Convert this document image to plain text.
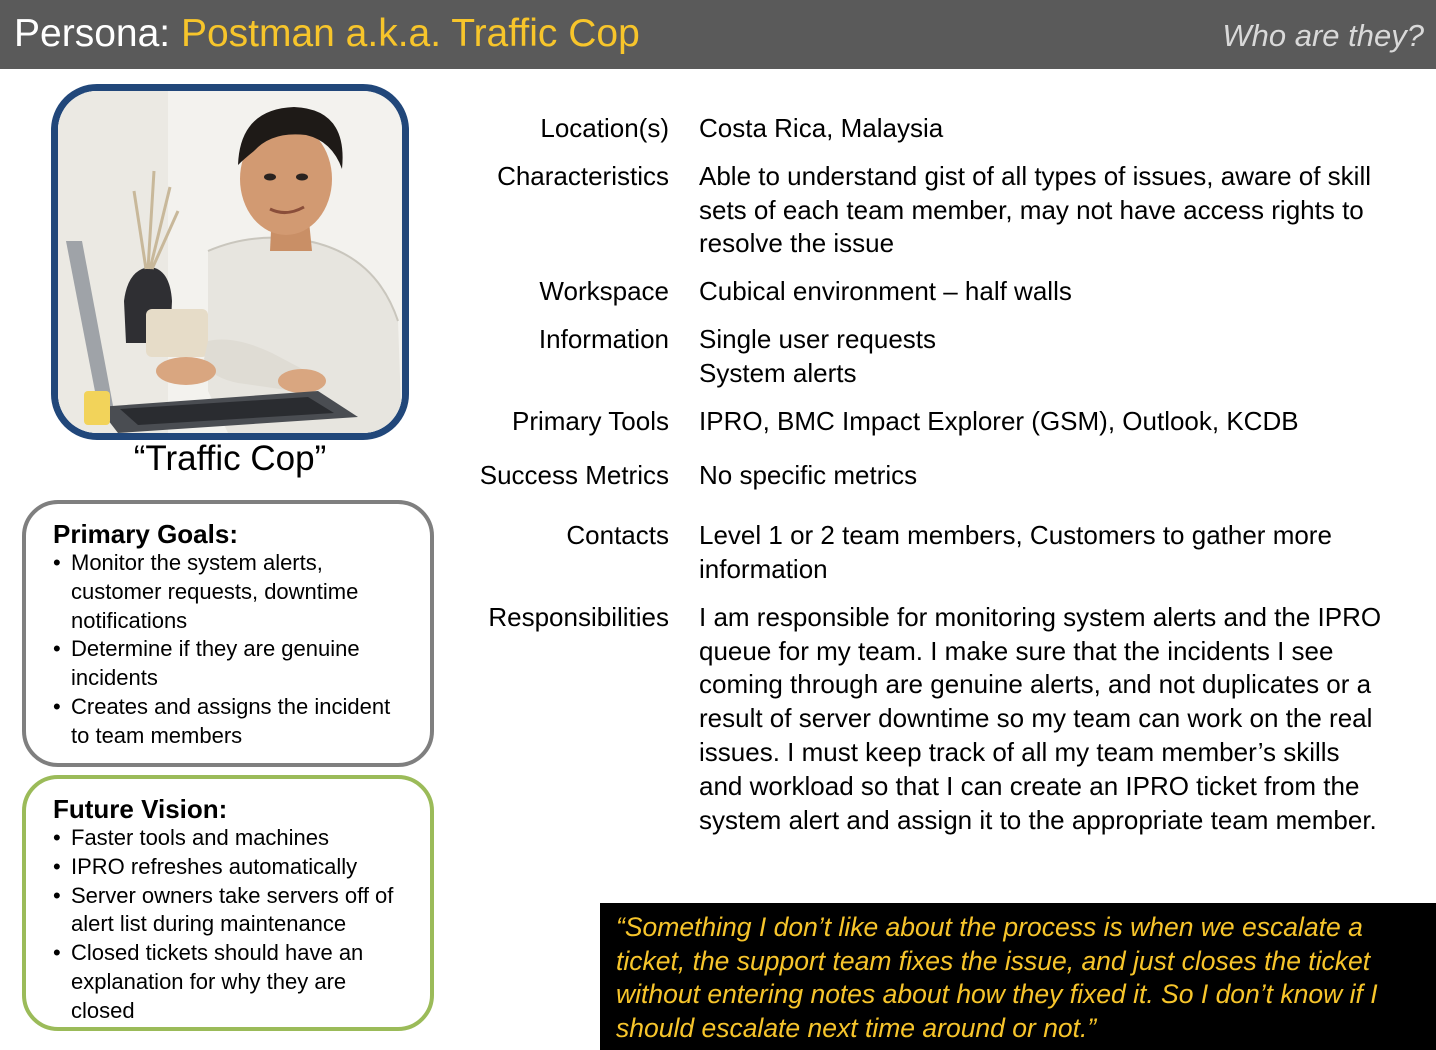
Persona: Postman a.k.a. Traffic Cop	Who are they?
“Traffic Cop”
Primary Goals:
• Monitor the system alerts, customer requests, downtime notifications
• Determine if they are genuine incidents
• Creates and assigns the incident to team members
Future Vision:
• Faster tools and machines
• IPRO refreshes automatically
• Server owners take servers off of alert list during maintenance
• Closed tickets should have an explanation for why they are closed
Location(s) Costa Rica, Malaysia
Characteristics Able to understand gist of all types of issues, aware of skill sets of each team member, may not have access rights to resolve the issue
Workspace Cubical environment – half walls
Information Single user requests
System alerts
Primary Tools IPRO, BMC Impact Explorer (GSM), Outlook, KCDB
Success Metrics No specific metrics
Contacts Level 1 or 2 team members, Customers to gather more information
Responsibilities I am responsible for monitoring system alerts and the IPRO queue for my team. I make sure that the incidents I see coming through are genuine alerts, and not duplicates or a result of server downtime so my team can work on the real issues. I must keep track of all my team member’s skills and workload so that I can create an IPRO ticket from the system alert and assign it to the appropriate team member.
“Something I don’t like about the process is when we escalate a ticket, the support team fixes the issue, and just closes the ticket without entering notes about how they fixed it. So I don’t know if I should escalate next time around or not.”
